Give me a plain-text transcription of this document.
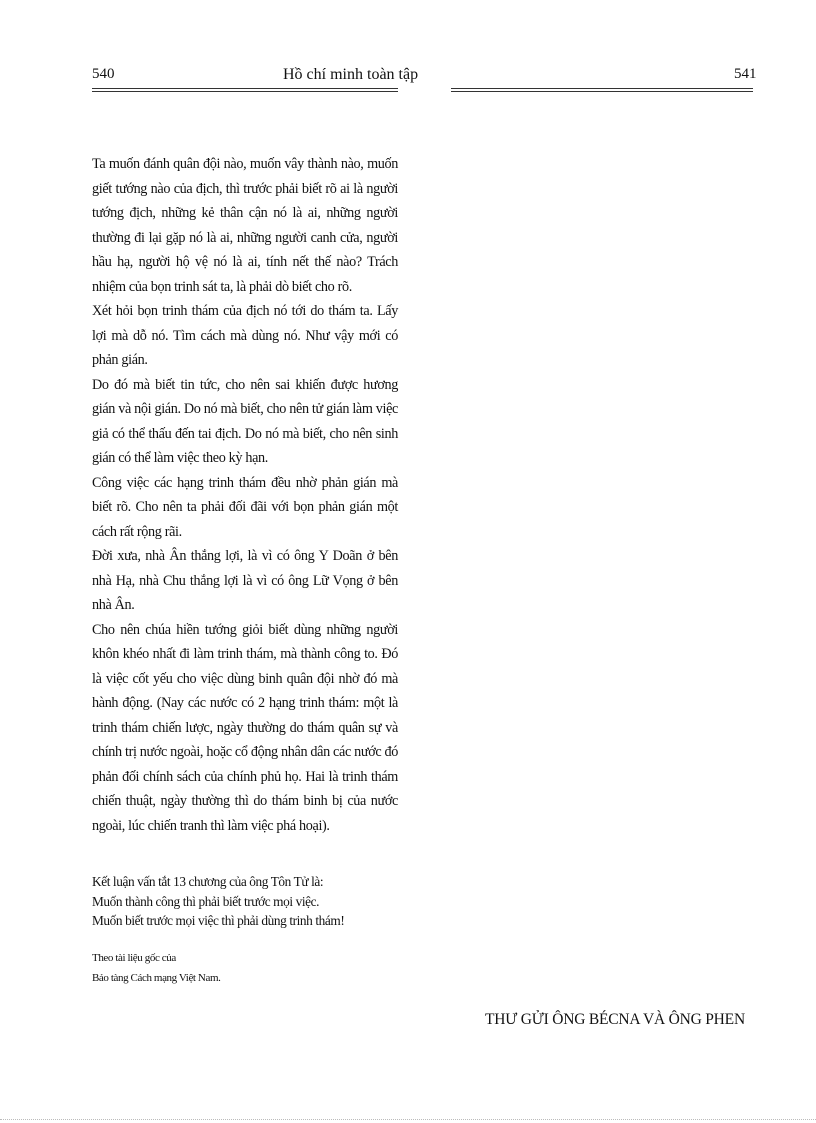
540	Hồ chí minh toàn tập	541

Ta muốn đánh quân đội nào, muốn vây thành nào, muốn giết tướng nào của địch, thì trước phải biết rõ ai là người tướng địch, những kẻ thân cận nó là ai, những người thường đi lại gặp nó là ai, những người canh cửa, người hầu hạ, người hộ vệ nó là ai, tính nết thế nào? Trách nhiệm của bọn trinh sát ta, là phải dò biết cho rõ.

Xét hỏi bọn trinh thám của địch nó tới do thám ta. Lấy lợi mà dỗ nó. Tìm cách mà dùng nó. Như vậy mới có phản gián.

Do đó mà biết tin tức, cho nên sai khiến được hương gián và nội gián. Do nó mà biết, cho nên tử gián làm việc giả có thể thấu đến tai địch. Do nó mà biết, cho nên sinh gián có thể làm việc theo kỳ hạn.

Công việc các hạng trinh thám đều nhờ phản gián mà biết rõ. Cho nên ta phải đối đãi với bọn phản gián một cách rất rộng rãi.

Đời xưa, nhà Ân thắng lợi, là vì có ông Y Doãn ở bên nhà Hạ, nhà Chu thắng lợi là vì có ông Lữ Vọng ở bên nhà Ân.

Cho nên chúa hiền tướng giỏi biết dùng những người khôn khéo nhất đi làm trinh thám, mà thành công to. Đó là việc cốt yếu cho việc dùng binh quân đội nhờ đó mà hành động. (Nay các nước có 2 hạng trinh thám: một là trinh thám chiến lược, ngày thường do thám quân sự và chính trị nước ngoài, hoặc cổ động nhân dân các nước đó phản đối chính sách của chính phủ họ. Hai là trinh thám chiến thuật, ngày thường thì do thám binh bị của nước ngoài, lúc chiến tranh thì làm việc phá hoại).

Kết luận vấn tắt 13 chương của ông Tôn Tử là:

Muốn thành công thì phải biết trước mọi việc.

Muốn biết trước mọi việc thì phải dùng trinh thám!

Theo tài liệu gốc của
Bảo tàng Cách mạng Việt Nam.
THƯ GỬI ÔNG BÉCNA VÀ ÔNG PHEN
